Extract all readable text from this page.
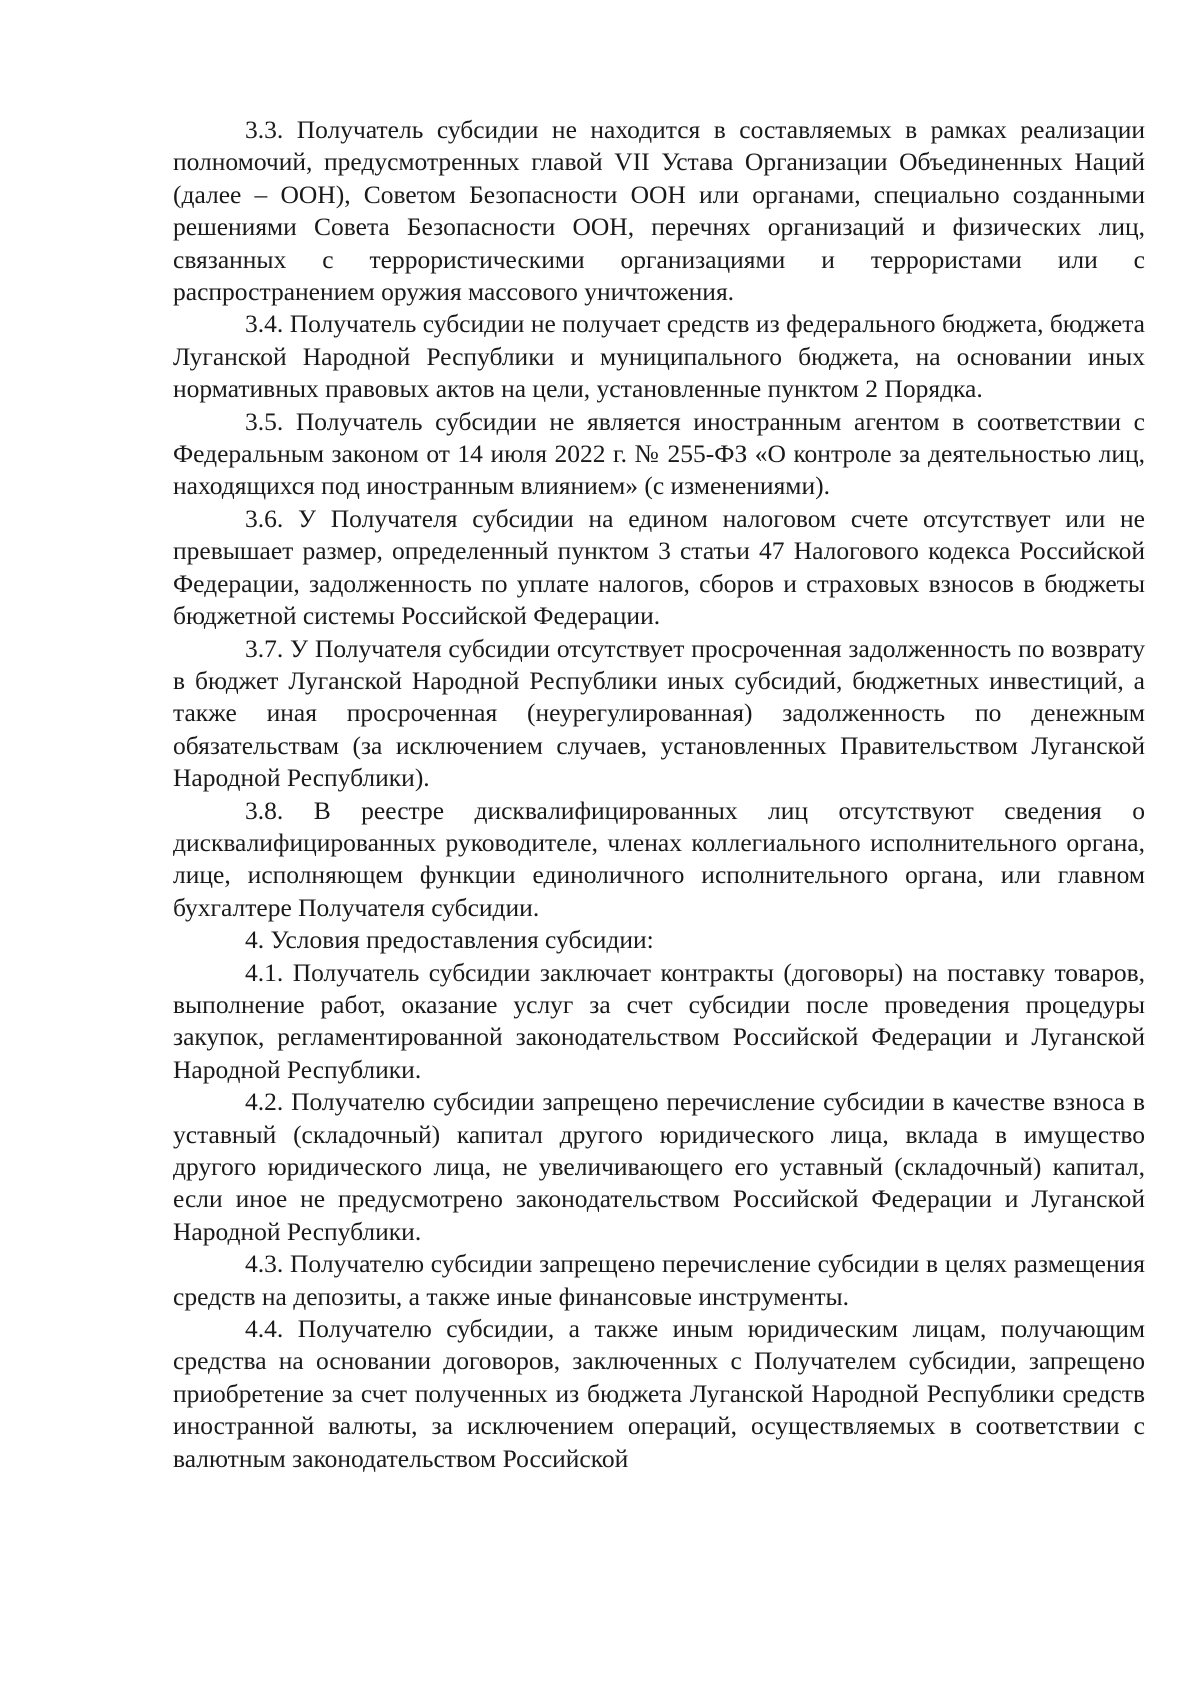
3.3. Получатель субсидии не находится в составляемых в рамках реализации полномочий, предусмотренных главой VII Устава Организации Объединенных Наций (далее – ООН), Советом Безопасности ООН или органами, специально созданными решениями Совета Безопасности ООН, перечнях организаций и физических лиц, связанных с террористическими организациями и террористами или с распространением оружия массового уничтожения.

3.4. Получатель субсидии не получает средств из федерального бюджета, бюджета Луганской Народной Республики и муниципального бюджета, на основании иных нормативных правовых актов на цели, установленные пунктом 2 Порядка.

3.5. Получатель субсидии не является иностранным агентом в соответствии с Федеральным законом от 14 июля 2022 г. № 255-ФЗ «О контроле за деятельностью лиц, находящихся под иностранным влиянием» (с изменениями).

3.6. У Получателя субсидии на едином налоговом счете отсутствует или не превышает размер, определенный пунктом 3 статьи 47 Налогового кодекса Российской Федерации, задолженность по уплате налогов, сборов и страховых взносов в бюджеты бюджетной системы Российской Федерации.

3.7. У Получателя субсидии отсутствует просроченная задолженность по возврату в бюджет Луганской Народной Республики иных субсидий, бюджетных инвестиций, а также иная просроченная (неурегулированная) задолженность по денежным обязательствам (за исключением случаев, установленных Правительством Луганской Народной Республики).

3.8. В реестре дисквалифицированных лиц отсутствуют сведения о дисквалифицированных руководителе, членах коллегиального исполнительного органа, лице, исполняющем функции единоличного исполнительного органа, или главном бухгалтере Получателя субсидии.

4. Условия предоставления субсидии:

4.1. Получатель субсидии заключает контракты (договоры) на поставку товаров, выполнение работ, оказание услуг за счет субсидии после проведения процедуры закупок, регламентированной законодательством Российской Федерации и Луганской Народной Республики.

4.2. Получателю субсидии запрещено перечисление субсидии в качестве взноса в уставный (складочный) капитал другого юридического лица, вклада в имущество другого юридического лица, не увеличивающего его уставный (складочный) капитал, если иное не предусмотрено законодательством Российской Федерации и Луганской Народной Республики.

4.3. Получателю субсидии запрещено перечисление субсидии в целях размещения средств на депозиты, а также иные финансовые инструменты.

4.4. Получателю субсидии, а также иным юридическим лицам, получающим средства на основании договоров, заключенных с Получателем субсидии, запрещено приобретение за счет полученных из бюджета Луганской Народной Республики средств иностранной валюты, за исключением операций, осуществляемых в соответствии с валютным законодательством Российской
